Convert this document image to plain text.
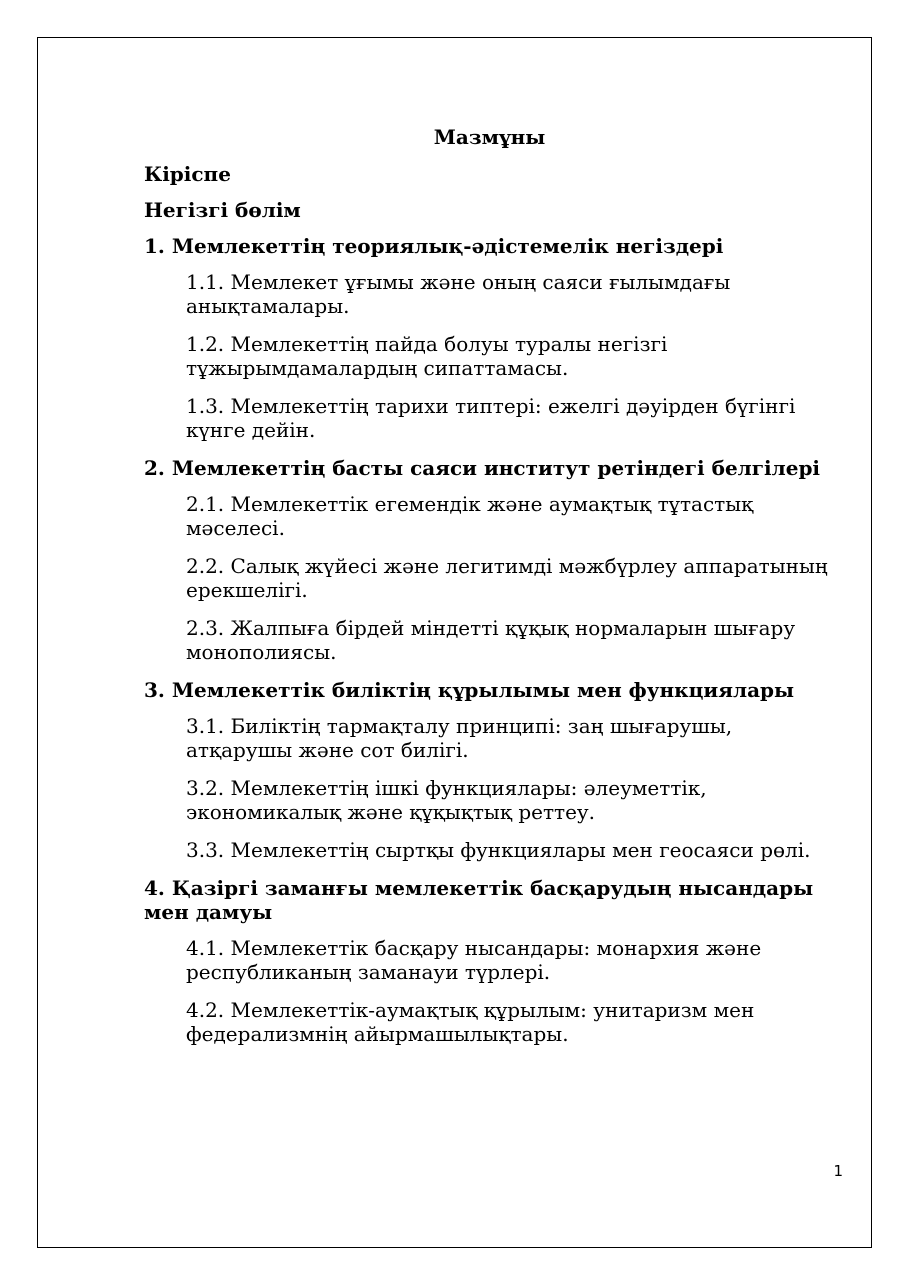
Мазмұны
Кіріспе
Негізгі бөлім
1. Мемлекеттің теориялық-әдістемелік негіздері
1.1. Мемлекет ұғымы және оның саяси ғылымдағы анықтамалары.
1.2. Мемлекеттің пайда болуы туралы негізгі тұжырымдамалардың сипаттамасы.
1.3. Мемлекеттің тарихи типтері: ежелгі дәуірден бүгінгі күнге дейін.
2. Мемлекеттің басты саяси институт ретіндегі белгілері
2.1. Мемлекеттік егемендік және аумақтық тұтастық мәселесі.
2.2. Салық жүйесі және легитимді мәжбүрлеу аппаратының ерекшелігі.
2.3. Жалпыға бірдей міндетті құқық нормаларын шығару монополиясы.
3. Мемлекеттік биліктің құрылымы мен функциялары
3.1. Биліктің тармақталу принципі: заң шығарушы, атқарушы және сот билігі.
3.2. Мемлекеттің ішкі функциялары: әлеуметтік, экономикалық және құқықтық реттеу.
3.3. Мемлекеттің сыртқы функциялары мен геосаяси рөлі.
4. Қазіргі заманғы мемлекеттік басқарудың нысандары мен дамуы
4.1. Мемлекеттік басқару нысандары: монархия және республиканың заманауи түрлері.
4.2. Мемлекеттік-аумақтық құрылым: унитаризм мен федерализмнің айырмашылықтары.
1
